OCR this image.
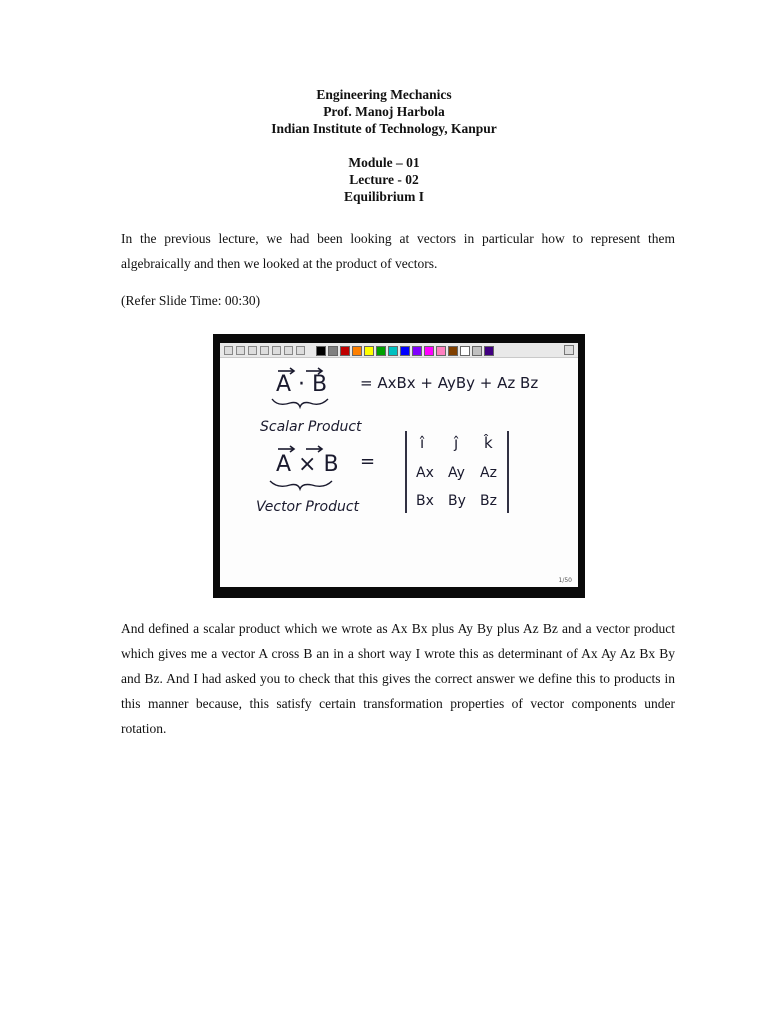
Engineering Mechanics
Prof. Manoj Harbola
Indian Institute of Technology, Kanpur
Module – 01
Lecture - 02
Equilibrium I
In the previous lecture, we had been looking at vectors in particular how to represent them algebraically and then we looked at the product of vectors.
(Refer Slide Time: 00:30)
A · B = AxBx + AyBy + Az Bz
Scalar Product
A × B =
Vector Product
î ĵ k̂
Ax Ay Az
Bx By Bz
1/50
And defined a scalar product which we wrote as Ax Bx plus Ay By plus Az Bz and a vector product which gives me a vector A cross B an in a short way I wrote this as determinant of Ax Ay Az Bx By and Bz. And I had asked you to check that this gives the correct answer we define this to products in this manner because, this satisfy certain transformation properties of vector components under rotation.
